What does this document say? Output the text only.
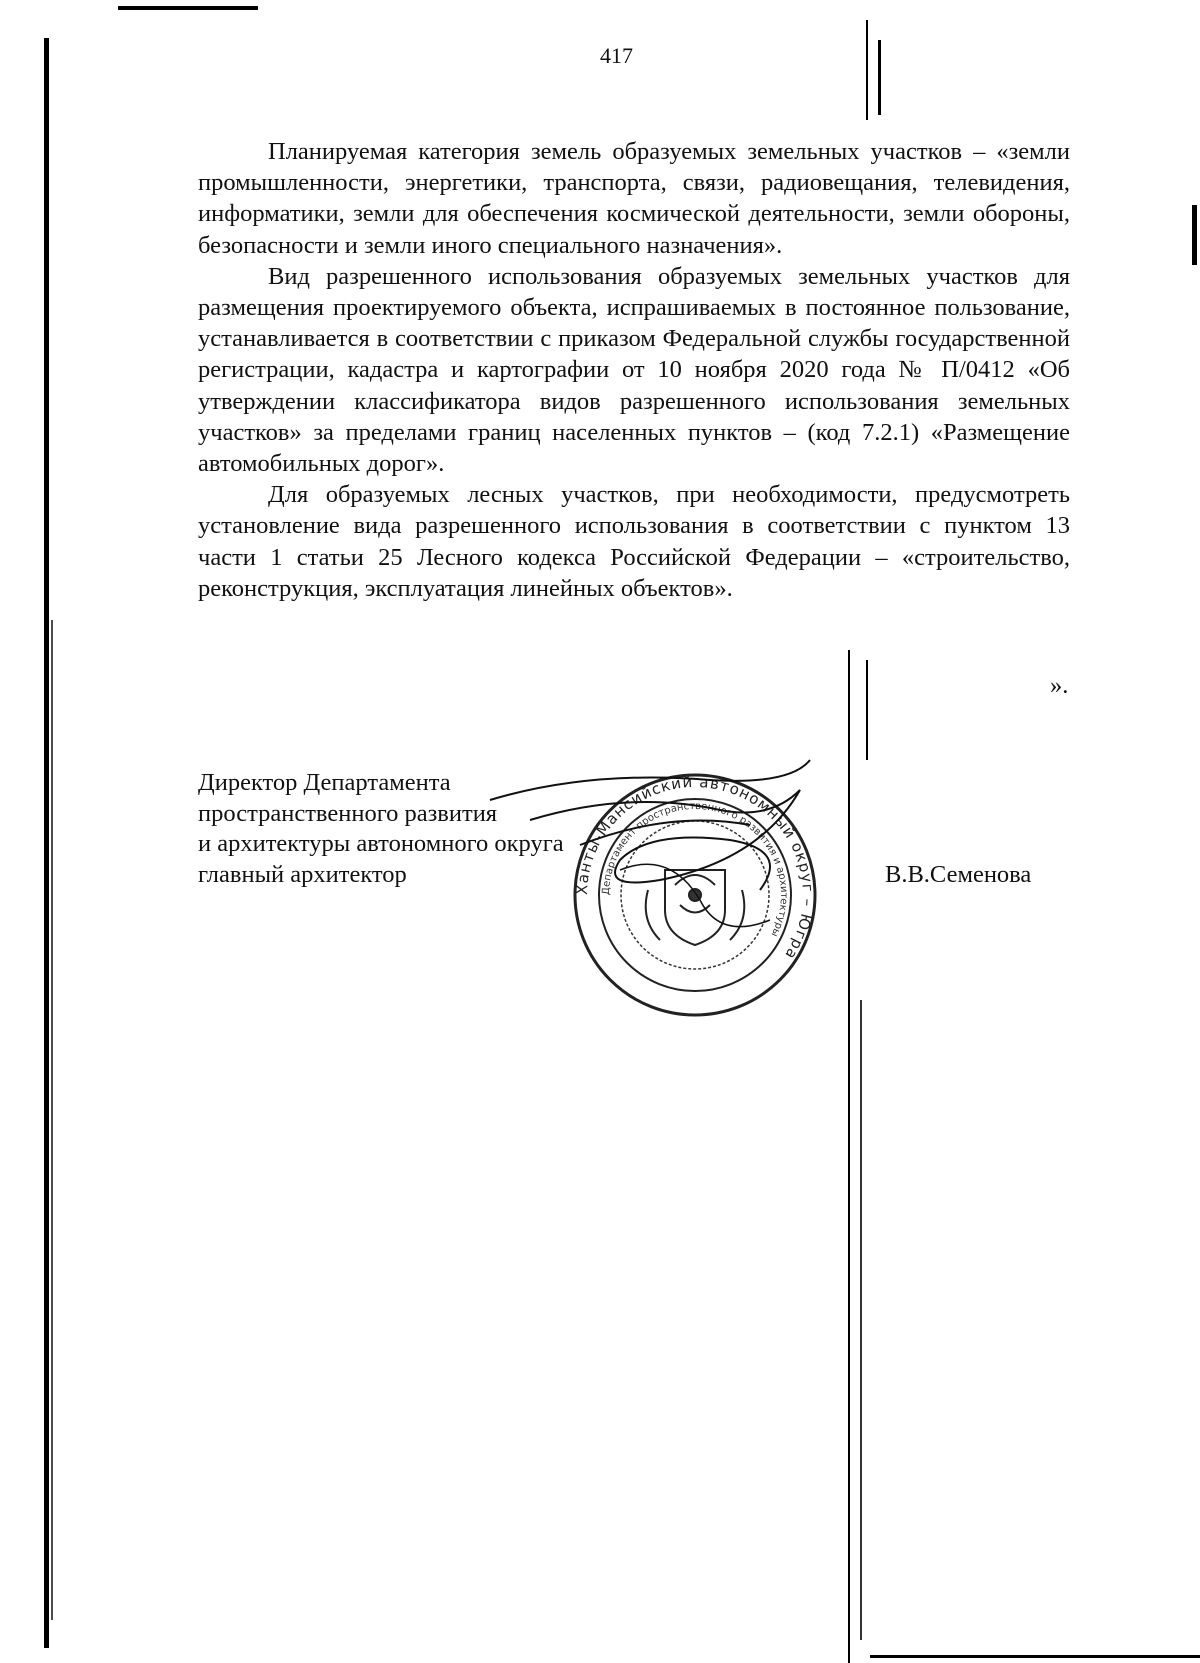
417

Планируемая категория земель образуемых земельных участков – «земли промышленности, энергетики, транспорта, связи, радиовещания, телевидения, информатики, земли для обеспечения космической деятельности, земли обороны, безопасности и земли иного специального назначения».

Вид разрешенного использования образуемых земельных участков для размещения проектируемого объекта, испрашиваемых в постоянное пользование, устанавливается в соответствии с приказом Федеральной службы государственной регистрации, кадастра и картографии от 10 ноября 2020 года № П/0412 «Об утверждении классификатора видов разрешенного использования земельных участков» за пределами границ населенных пунктов – (код 7.2.1) «Размещение автомобильных дорог».

Для образуемых лесных участков, при необходимости, предусмотреть установление вида разрешенного использования в соответствии с пунктом 13 части 1 статьи 25 Лесного кодекса Российской Федерации – «строительство, реконструкция, эксплуатация линейных объектов».

».
Директор Департамента
пространственного развития
и архитектуры автономного округа
главный архитектор
Ханты-Мансийский автономный округ – Югра
Департамент пространственного развития и архитектуры
В.В.Семенова
